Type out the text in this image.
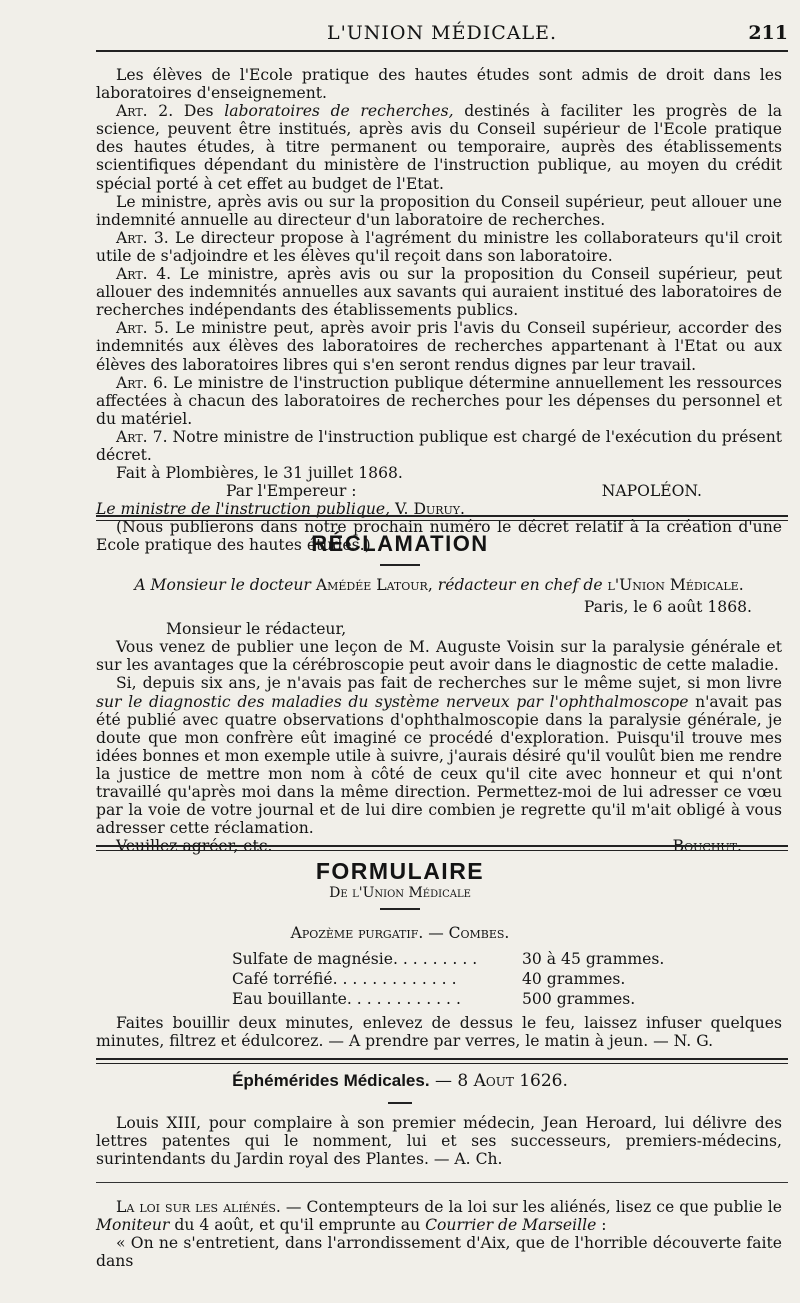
L'UNION MÉDICALE.	211

Les élèves de l'Ecole pratique des hautes études sont admis de droit dans les laboratoires d'enseignement.

Art. 2. Des laboratoires de recherches, destinés à faciliter les progrès de la science, peuvent être institués, après avis du Conseil supérieur de l'Ecole pratique des hautes études, à titre permanent ou temporaire, auprès des établissements scientifiques dépendant du ministère de l'instruction publique, au moyen du crédit spécial porté à cet effet au budget de l'Etat.

Le ministre, après avis ou sur la proposition du Conseil supérieur, peut allouer une indemnité annuelle au directeur d'un laboratoire de recherches.

Art. 3. Le directeur propose à l'agrément du ministre les collaborateurs qu'il croit utile de s'adjoindre et les élèves qu'il reçoit dans son laboratoire.

Art. 4. Le ministre, après avis ou sur la proposition du Conseil supérieur, peut allouer des indemnités annuelles aux savants qui auraient institué des laboratoires de recherches indépendants des établissements publics.

Art. 5. Le ministre peut, après avoir pris l'avis du Conseil supérieur, accorder des indemnités aux élèves des laboratoires de recherches appartenant à l'Etat ou aux élèves des laboratoires libres qui s'en seront rendus dignes par leur travail.

Art. 6. Le ministre de l'instruction publique détermine annuellement les ressources affectées à chacun des laboratoires de recherches pour les dépenses du personnel et du matériel.

Art. 7. Notre ministre de l'instruction publique est chargé de l'exécution du présent décret.

Fait à Plombières, le 31 juillet 1868.

Par l'Empereur :	NAPOLÉON.

Le ministre de l'instruction publique, V. Duruy.

(Nous publierons dans notre prochain numéro le décret relatif à la création d'une Ecole pratique des hautes études.)

RÉCLAMATION

A Monsieur le docteur Amédée Latour, rédacteur en chef de l'Union Médicale.

Paris, le 6 août 1868.

Monsieur le rédacteur,

Vous venez de publier une leçon de M. Auguste Voisin sur la paralysie générale et sur les avantages que la cérébroscopie peut avoir dans le diagnostic de cette maladie.

Si, depuis six ans, je n'avais pas fait de recherches sur le même sujet, si mon livre sur le diagnostic des maladies du système nerveux par l'ophthalmoscope n'avait pas été publié avec quatre observations d'ophthalmoscopie dans la paralysie générale, je doute que mon confrère eût imaginé ce procédé d'exploration. Puisqu'il trouve mes idées bonnes et mon exemple utile à suivre, j'aurais désiré qu'il voulût bien me rendre la justice de mettre mon nom à côté de ceux qu'il cite avec honneur et qui n'ont travaillé qu'après moi dans la même direction. Permettez-moi de lui adresser ce vœu par la voie de votre journal et de lui dire combien je regrette qu'il m'ait obligé à vous adresser cette réclamation.

Veuillez agréer, etc.	Bouchut.

FORMULAIRE
De l'Union Médicale
Apozème purgatif. — Combes.
Sulfate de magnésie. . . . . . . . .	30 à 45 grammes.
Café torréfié. . . . . . . . . . . . .	40 grammes.
Eau bouillante. . . . . . . . . . . .	500 grammes.

Faites bouillir deux minutes, enlevez de dessus le feu, laissez infuser quelques minutes, filtrez et édulcorez. — A prendre par verres, le matin à jeun. — N. G.

Éphémérides Médicales. — 8 Aout 1626.

Louis XIII, pour complaire à son premier médecin, Jean Heroard, lui délivre des lettres patentes qui le nomment, lui et ses successeurs, premiers-médecins, surintendants du Jardin royal des Plantes. — A. Ch.

La loi sur les aliénés. — Contempteurs de la loi sur les aliénés, lisez ce que publie le Moniteur du 4 août, et qu'il emprunte au Courrier de Marseille :

« On ne s'entretient, dans l'arrondissement d'Aix, que de l'horrible découverte faite dans
